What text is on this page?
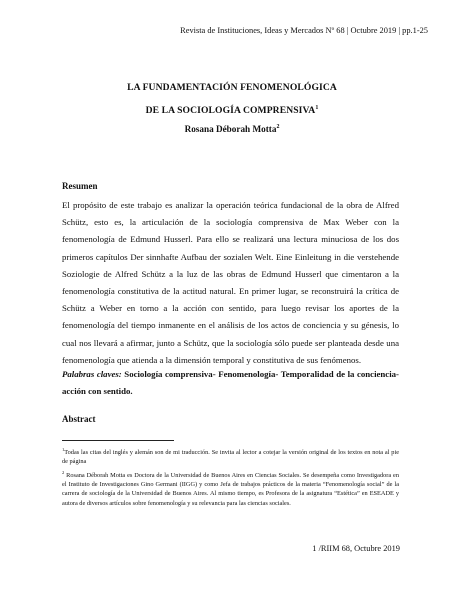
Revista de Instituciones, Ideas y Mercados Nº 68 | Octubre 2019 | pp.1-25
LA FUNDAMENTACIÓN FENOMENOLÓGICA
DE LA SOCIOLOGÍA COMPRENSIVA$^1$
Rosana Déborah Motta$^2$
Resumen
El propósito de este trabajo es analizar la operación teórica fundacional de la obra de Alfred Schütz, esto es, la articulación de la sociología comprensiva de Max Weber con la fenomenología de Edmund Husserl. Para ello se realizará una lectura minuciosa de los dos primeros capítulos Der sinnhafte Aufbau der sozialen Welt. Eine Einleitung in die verstehende Soziologie de Alfred Schütz a la luz de las obras de Edmund Husserl que cimentaron a la fenomenología constitutiva de la actitud natural. En primer lugar, se reconstruirá la crítica de Schütz a Weber en torno a la acción con sentido, para luego revisar los aportes de la fenomenología del tiempo inmanente en el análisis de los actos de conciencia y su génesis, lo cual nos llevará a afirmar, junto a Schütz, que la sociología sólo puede ser planteada desde una fenomenología que atienda a la dimensión temporal y constitutiva de sus fenómenos.
Palabras claves: Sociología comprensiva- Fenomenología- Temporalidad de la conciencia- acción con sentido.
Abstract

$^1$Todas las citas del inglés y alemán son de mi traducción. Se invita al lector a cotejar la versión original de los textos en nota al pie de página

$^2$ Rosana Déborah Motta es Doctora de la Universidad de Buenos Aires en Ciencias Sociales. Se desempeña como Investigadora en el Instituto de Investigaciones Gino Germani (IIGG) y como Jefa de trabajos prácticos de la materia “Fenomenología social” de la carrera de sociología de la Universidad de Buenos Aires. Al mismo tiempo, es Profesora de la asignatura “Estética” en ESEADE y autora de diversos artículos sobre fenomenología y su relevancia para las ciencias sociales.

1 /RIIM 68, Octubre 2019
